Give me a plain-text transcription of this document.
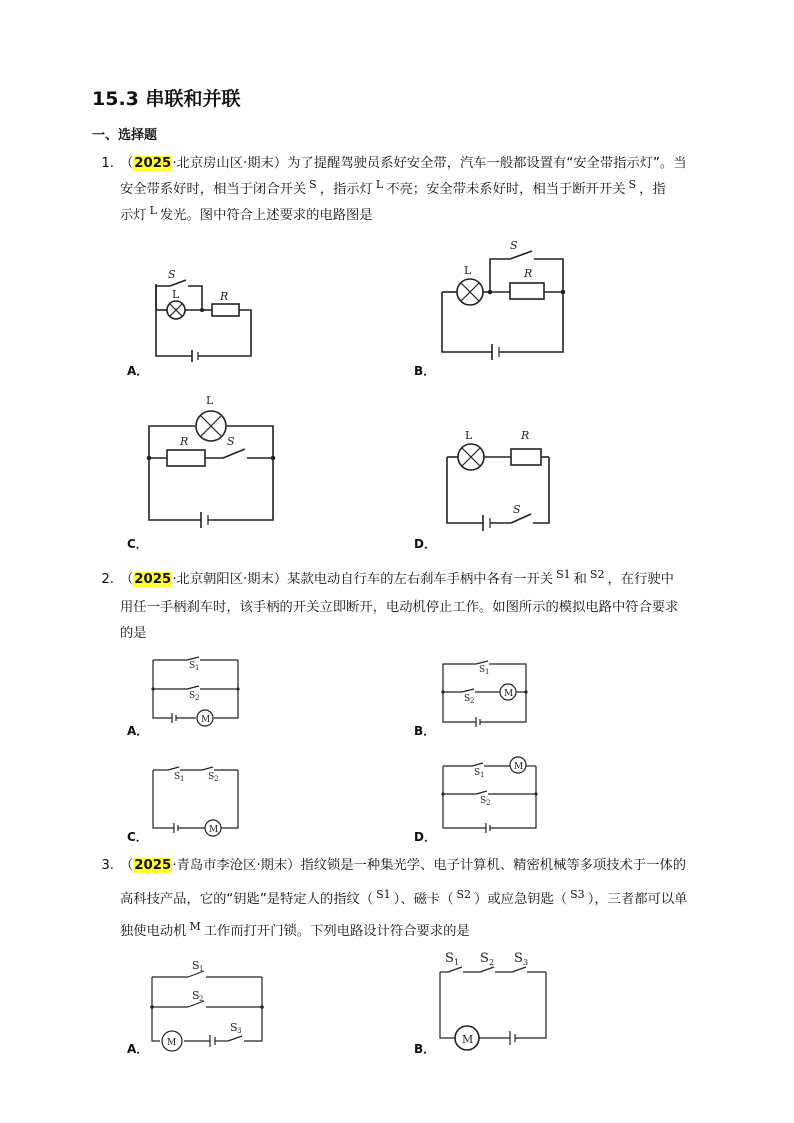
15.3 串联和并联
一、选择题
1. （2025·北京房山区·期末）为了提醒驾驶员系好安全带，汽车一般都设置有“安全带指示灯”。当
安全带系好时，相当于闭合开关 $^S$ ，指示灯 $^L$ 不亮；安全带未系好时，相当于断开开关 $^S$ ，指
示灯 $^L$ 发光。图中符合上述要求的电路图是
S
L	R
A．
S
L	R
B．
L
R	S
C．
L	R
S
D．
2. （2025·北京朝阳区·期末）某款电动自行车的左右刹车手柄中各有一开关 $^{S1}$ 和 $^{S2}$ ，在行驶中
用任一手柄刹车时，该手柄的开关立即断开，电动机停止工作。如图所示的模拟电路中符合要求
的是
M
S 1
S 2
A．
M
S 1
S 2
B．
M
S 1	S 2
C．
M
S 1
S 2
D．
3. （2025·青岛市李沧区·期末）指纹锁是一种集光学、电子计算机、精密机械等多项技术于一体的
高科技产品，它的“钥匙”是特定人的指纹（ $^{S1}$ ）、磁卡（ $^{S2}$ ）或应急钥匙（ $^{S3}$ ），三者都可以单
独使电动机 $^M$ 工作而打开门锁。下列电路设计符合要求的是
M
S 1
S 2
S 3
A．
M
S 1 S 2 S 3
B．
